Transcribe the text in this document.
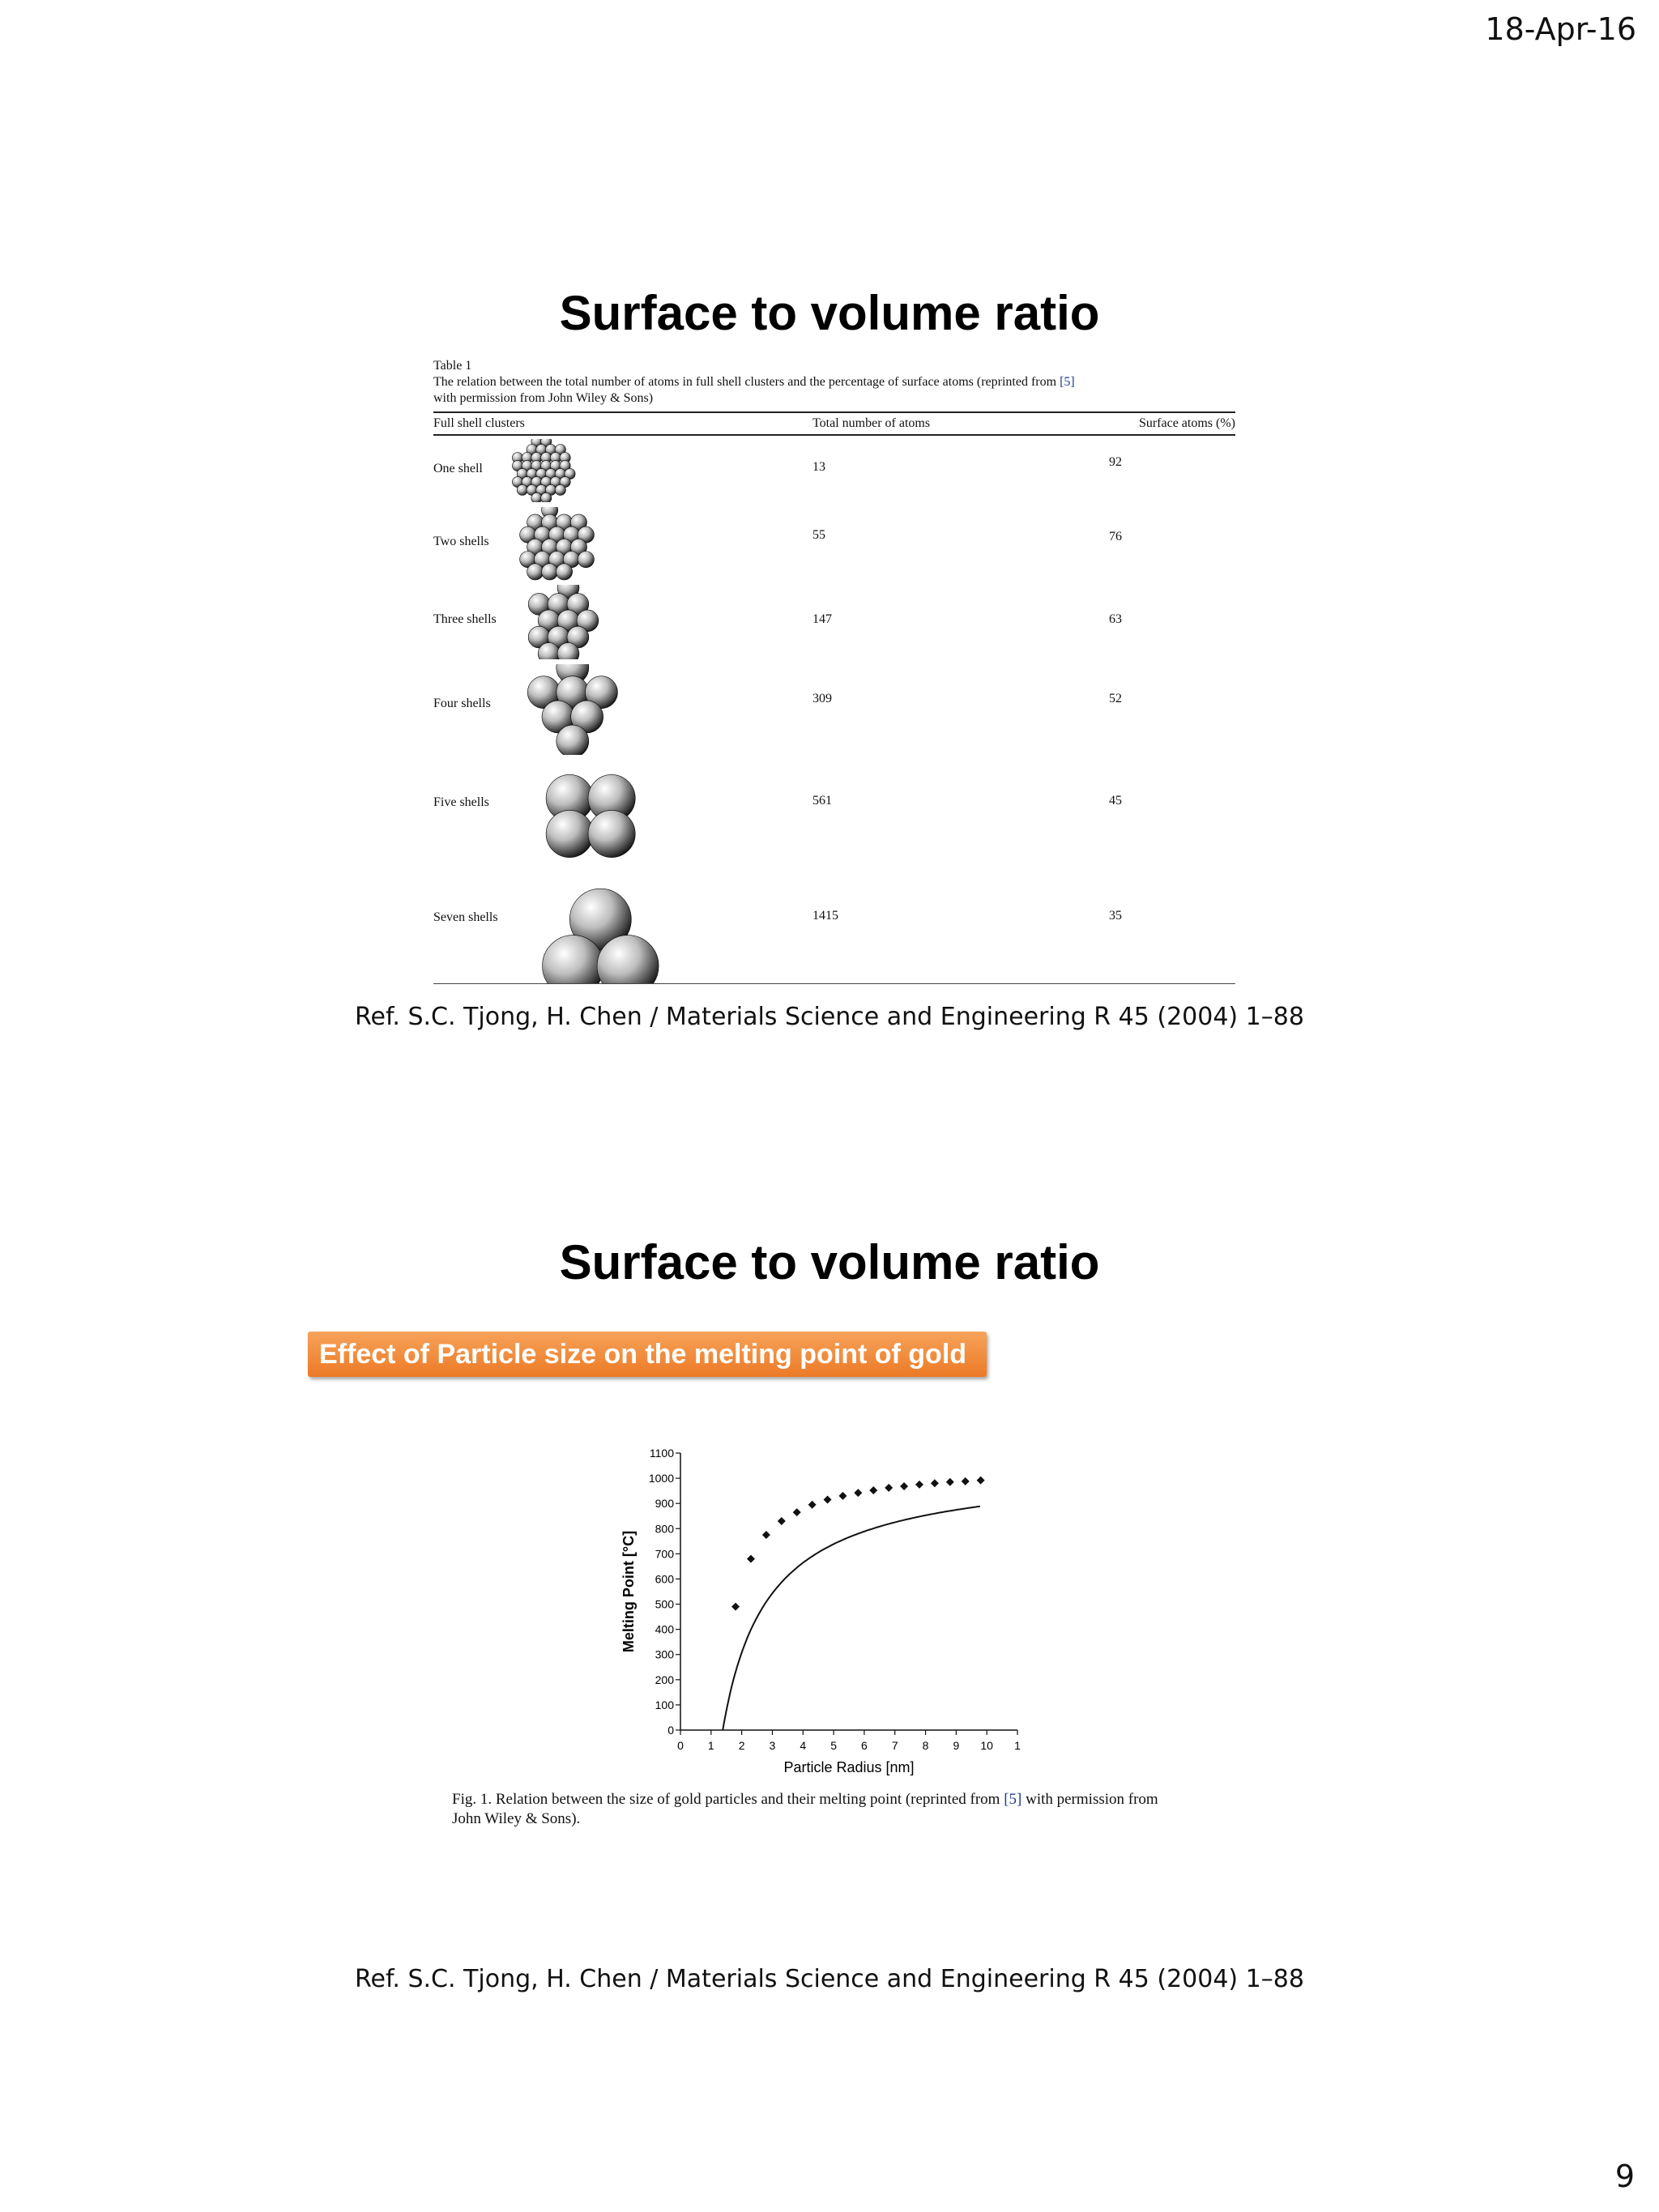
18-Apr-16
9
Surface to volume ratio
Table 1
The relation between the total number of atoms in full shell clusters and the percentage of surface atoms (reprinted from [5]
with permission from John Wiley & Sons)
Full shell clusters	Total number of atoms	Surface atoms (%)
One shell	13	92
Two shells	55	76
Three shells	147	63
Four shells	309	52
Five shells	561	45
Seven shells	1415	35
Ref. S.C. Tjong, H. Chen / Materials Science and Engineering R 45 (2004) 1–88
Surface to volume ratio
Effect of Particle size on the melting point of gold
0
100
200
300
400
500
600
700
800
900
1000
1100
0 1 2 3 4 5 6 7 8 9 10 1
Particle Radius [nm]
Melting Point [°C]
Fig. 1. Relation between the size of gold particles and their melting point (reprinted from [5] with permission from John Wiley & Sons).
Ref. S.C. Tjong, H. Chen / Materials Science and Engineering R 45 (2004) 1–88
